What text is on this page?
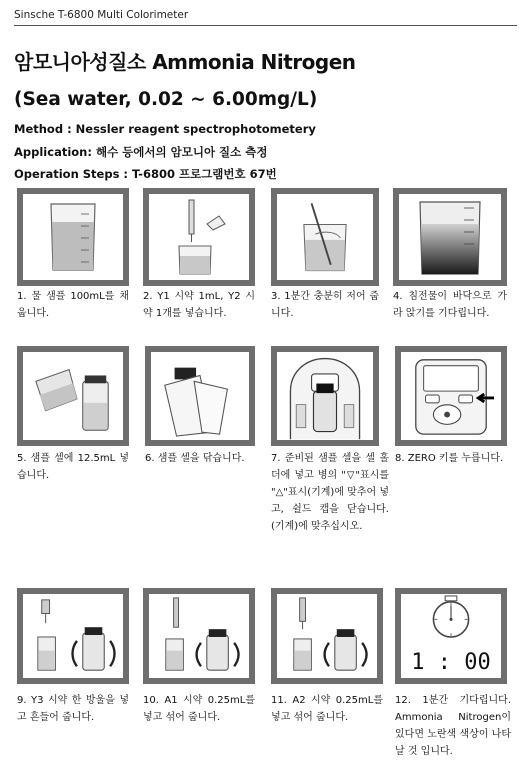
Sinsche T-6800 Multi Colorimeter
암모니아성질소 Ammonia Nitrogen
(Sea water, 0.02 ~ 6.00mg/L)
Method : Nessler reagent spectrophotometery
Application: 해수 등에서의 암모니아 질소 측정
Operation Steps : T-6800 프로그램번호 67번
1. 물 샘플 100mL를 채웁니다.
2. Y1 시약 1mL, Y2 시약 1개를 넣습니다.
3. 1분간 충분히 저어 줍니다.
4. 침전물이 바닥으로 가라 앉기를 기다립니다.
5. 샘플 셀에 12.5mL 넣습니다.
6. 샘플 셀을 닦습니다.	7. 준비된 샘플 셀을 셀 홀더에 넣고 병의 "▽"표시를 "△"표시(기계)에 맞추어 넣고, 쉴드 캡을 닫습니다. (기계)에 맞추십시오.
8. ZERO 키를 누릅니다.
9. Y3 시약 한 방울을 넣고 흔들어 줍니다.
10. A1 시약 0.25mL를 넣고 섞어 줍니다.
11. A2 시약 0.25mL를 넣고 섞어 줍니다.
1 : 00
12. 1분간 기다립니다. Ammonia Nitrogen이 있다면 노란색 색상이 나타날 것 입니다.
